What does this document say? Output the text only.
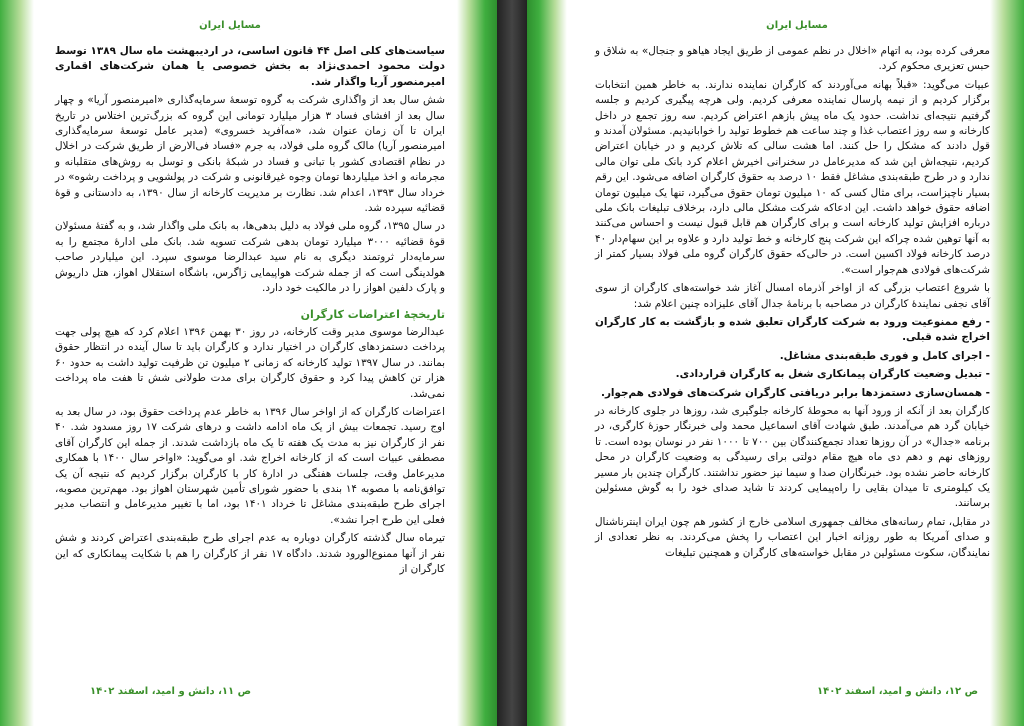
مسایل ایران

سیاست‌های کلی اصل ۴۴ قانون اساسی، در اردیبهشت ماه سال ۱۳۸۹ توسط دولت محمود احمدی‌نژاد به بخش خصوصی یا همان شرکت‌های اقماری امیرمنصور آریا واگذار شد.

شش سال بعد از واگذاری شرکت به گروه توسعهٔ سرمایه‌گذاری «امیرمنصور آریا» و چهار سال بعد از افشای فساد ۳ هزار میلیارد تومانی این گروه که بزرگ‌ترین اختلاس در تاریخ ایران تا آن زمان عنوان شد، «مه‌آفرید خسروی» (مدیر عامل توسعهٔ سرمایه‌گذاری امیرمنصور آریا) مالک گروه ملی فولاد، به جرم «فساد فی‌الارض از طریق شرکت در اخلال در نظام اقتصادی کشور با تبانی و فساد در شبکهٔ بانکی و توسل به روش‌های متقلبانه و مجرمانه و اخذ میلیاردها تومان وجوه غیرقانونی و شرکت در پولشویی و پرداخت رشوه» در خرداد سال ۱۳۹۳، اعدام شد. نظارت بر مدیریت کارخانه از سال ۱۳۹۰، به دادستانی و قوهٔ قضائیه سپرده شد.

در سال ۱۳۹۵، گروه ملی فولاد به دلیل بدهی‌ها، به بانک ملی واگذار شد، و به گفتهٔ مسئولان قوهٔ قضائیه ۳۰۰۰ میلیارد تومان بدهی شرکت تسویه شد. بانک ملی ادارهٔ مجتمع را به سرمایه‌دار ثروتمند دیگری به نام سید عبدالرضا موسوی سپرد. این میلیاردر صاحب هولدینگی است که از جمله شرکت هواپیمایی زاگرس، باشگاه استقلال اهواز، هتل داریوش و پارک دلفین اهواز را در مالکیت خود دارد.

تاریخچهٔ اعتراضات کارگران

عبدالرضا موسوی مدیر وقت کارخانه، در روز ۳۰ بهمن ۱۳۹۶ اعلام کرد که هیچ پولی جهت پرداخت دستمزدهای کارگران در اختیار ندارد و کارگران باید تا سال آینده در انتظار حقوق بمانند. در سال ۱۳۹۷ تولید کارخانه که زمانی ۲ میلیون تن ظرفیت تولید داشت به حدود ۶۰ هزار تن کاهش پیدا کرد و حقوق کارگران برای مدت طولانی شش تا هفت ماه پرداخت نمی‌شد.

اعتراضات کارگران که از اواخر سال ۱۳۹۶ به خاطر عدم پرداخت حقوق بود، در سال بعد به اوج رسید. تجمعات بیش از یک ماه ادامه داشت و درهای شرکت ۱۷ روز مسدود شد. ۴۰ نفر از کارگران نیز به مدت یک هفته تا یک ماه بازداشت شدند. از جمله این کارگران آقای مصطفی عبیات است که از کارخانه اخراج شد. او می‌گوید: «اواخر سال ۱۴۰۰ با همکاری مدیرعامل وقت، جلسات هفتگی در ادارهٔ کار با کارگران برگزار کردیم که نتیجه آن یک توافق‌نامه با مصوبه ۱۴ بندی با حضور شورای تأمین شهرستان اهواز بود. مهم‌ترین مصوبه، اجرای طرح طبقه‌بندی مشاغل تا خرداد ۱۴۰۱ بود، اما با تغییر مدیرعامل و انتصاب مدیر فعلی این طرح اجرا نشد».

تیرماه سال گذشته کارگران دوباره به عدم اجرای طرح طبقه‌بندی اعتراض کردند و شش نفر از آنها ممنوع‌الورود شدند. دادگاه ۱۷ نفر از کارگران را هم با شکایت پیمانکاری که این کارگران از

ص ۱۱، دانش و امید، اسفند ۱۴۰۲
مسایل ایران

معرفی کرده بود، به اتهام «اخلال در نظم عمومی از طریق ایجاد هیاهو و جنجال» به شلاق و حبس تعزیری محکوم کرد.

عبیات می‌گوید: «قبلاً بهانه می‌آوردند که کارگران نماینده ندارند. به خاطر همین انتخابات برگزار کردیم و از نیمه پارسال نماینده معرفی کردیم. ولی هرچه پیگیری کردیم و جلسه گرفتیم نتیجه‌ای نداشت. حدود یک ماه پیش بازهم اعتراض کردیم. سه روز تجمع در داخل کارخانه و سه روز اعتصاب غذا و چند ساعت هم خطوط تولید را خوابانیدیم. مسئولان آمدند و قول دادند که مشکل را حل کنند. اما هشت سالی که تلاش کردیم و در خیابان اعتراض کردیم، نتیجه‌اش این شد که مدیرعامل در سخنرانی اخیرش اعلام کرد بانک ملی توان مالی ندارد و در طرح طبقه‌بندی مشاغل فقط ۱۰ درصد به حقوق کارگران اضافه می‌شود. این رقم بسیار ناچیزاست، برای مثال کسی که ۱۰ میلیون تومان حقوق می‌گیرد، تنها یک میلیون تومان اضافه حقوق خواهد داشت. این ادعاکه شرکت مشکل مالی دارد، برخلاف تبلیغات بانک ملی درباره افزایش تولید کارخانه است و برای کارگران هم قابل قبول نیست و احساس می‌کنند به آنها توهین شده چراکه این شرکت پنج کارخانه و خط تولید دارد و علاوه بر این سهام‌دار ۴۰ درصد کارخانه فولاد اکسین است. در حالی‌که حقوق کارگران گروه ملی فولاد بسیار کمتر از شرکت‌های فولادی هم‌جوار است».

با شروع اعتصاب بزرگی که از اواخر آذرماه امسال آغاز شد خواسته‌های کارگران از سوی آقای نجفی نمایندهٔ کارگران در مصاحبه با برنامهٔ جدال آقای علیزاده چنین اعلام شد:

- رفع ممنوعیت ورود به شرکت کارگران تعلیق شده و بازگشت به کار کارگران اخراج شده قبلی.

- اجرای کامل و فوری طبقه‌بندی مشاغل.

- تبدیل وضعیت کارگران پیمانکاری شغل به کارگران قراردادی.

- همسان‌سازی دستمزدها برابر دریافتی کارگران شرکت‌های فولادی هم‌جوار.

کارگران بعد از آنکه از ورود آنها به محوطهٔ کارخانه جلوگیری شد، روزها در جلوی کارخانه در خیابان گرد هم می‌آمدند. طبق شهادت آقای اسماعیل محمد ولی خبرنگار حوزهٔ کارگری، در برنامه «جدال» در آن روزها تعداد تجمع‌کنندگان بین ۷۰۰ تا ۱۰۰۰ نفر در نوسان بوده است. تا روزهای نهم و دهم دی ماه هیچ مقام دولتی برای رسیدگی به وضعیت کارگران در محل کارخانه حاضر نشده بود. خبرنگاران صدا و سیما نیز حضور نداشتند. کارگران چندین بار مسیر یک کیلومتری تا میدان بقایی را راه‌پیمایی کردند تا شاید صدای خود را به گوش مسئولین برسانند.

در مقابل، تمام رسانه‌های مخالف جمهوری اسلامی خارج از کشور هم چون ایران اینترناشنال و صدای آمریکا به طور روزانه اخبار این اعتصاب را پخش می‌کردند. به نظر تعدادی از نمایندگان، سکوت مسئولین در مقابل خواسته‌های کارگران و همچنین تبلیغات

ص ۱۲، دانش و امید، اسفند ۱۴۰۲
